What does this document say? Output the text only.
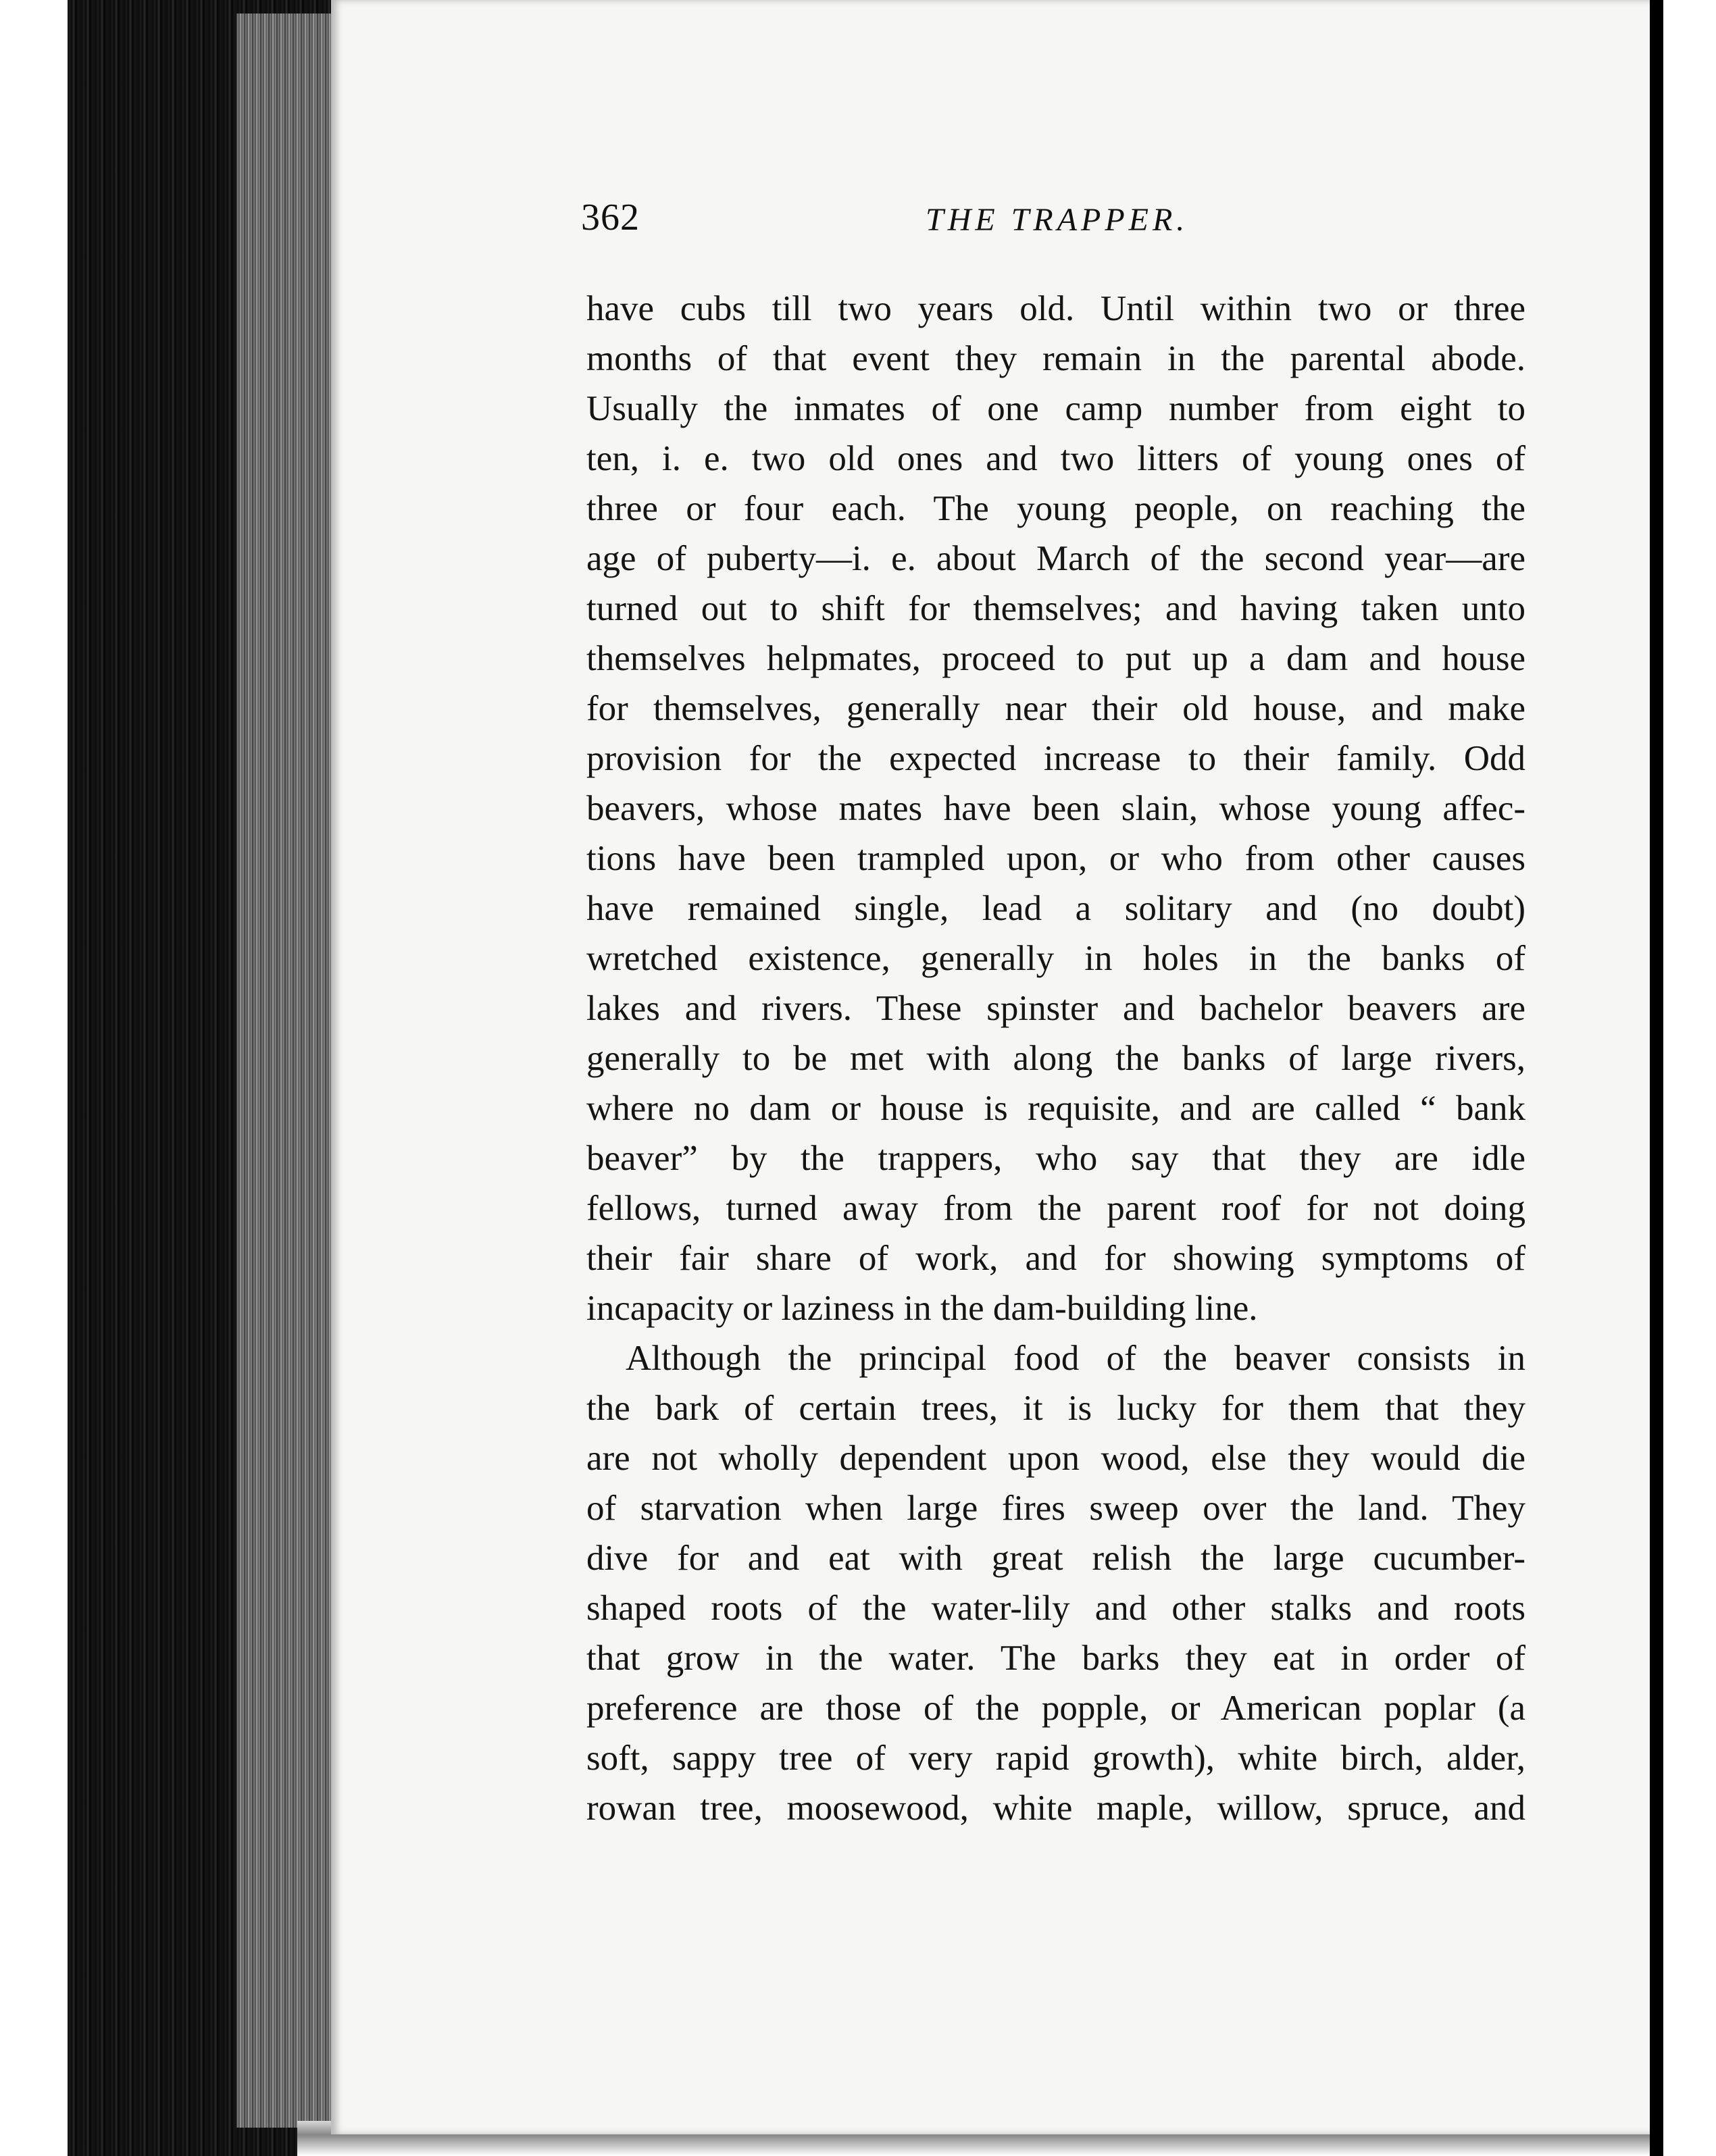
362	THE TRAPPER.
have cubs till two years old. Until within two or three
months of that event they remain in the parental abode.
Usually the inmates of one camp number from eight to
ten, i. e. two old ones and two litters of young ones of
three or four each. The young people, on reaching the
age of puberty—i. e. about March of the second year—are
turned out to shift for themselves; and having taken unto
themselves helpmates, proceed to put up a dam and house
for themselves, generally near their old house, and make
provision for the expected increase to their family. Odd
beavers, whose mates have been slain, whose young affec-
tions have been trampled upon, or who from other causes
have remained single, lead a solitary and (no doubt)
wretched existence, generally in holes in the banks of
lakes and rivers. These spinster and bachelor beavers are
generally to be met with along the banks of large rivers,
where no dam or house is requisite, and are called “ bank
beaver” by the trappers, who say that they are idle
fellows, turned away from the parent roof for not doing
their fair share of work, and for showing symptoms of
incapacity or laziness in the dam-building line.
Although the principal food of the beaver consists in
the bark of certain trees, it is lucky for them that they
are not wholly dependent upon wood, else they would die
of starvation when large fires sweep over the land. They
dive for and eat with great relish the large cucumber-
shaped roots of the water-lily and other stalks and roots
that grow in the water. The barks they eat in order of
preference are those of the popple, or American poplar (a
soft, sappy tree of very rapid growth), white birch, alder,
rowan tree, moosewood, white maple, willow, spruce, and
